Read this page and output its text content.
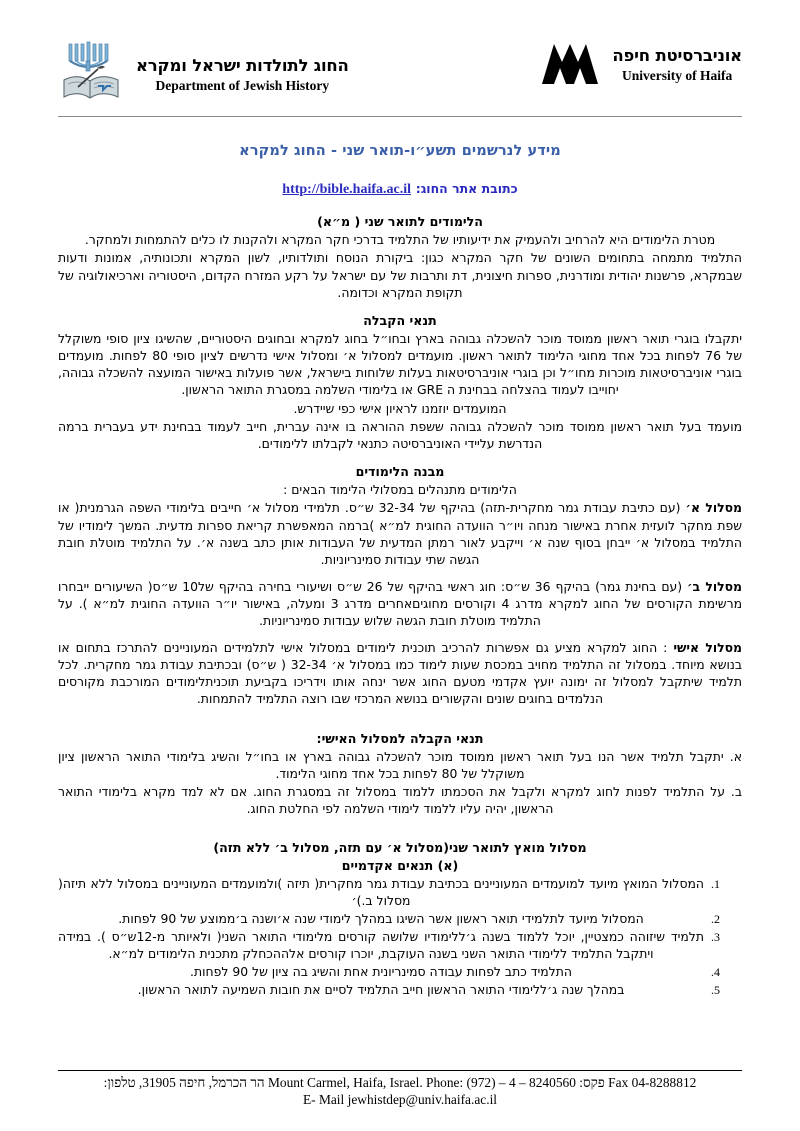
החוג לתולדות ישראל ומקרא
Department of Jewish History
אוניברסיטת חיפה
University of Haifa
מידע לנרשמים תשע״ו-תואר שני - החוג למקרא
כתובת אתר החוג: http://bible.haifa.ac.il
הלימודים לתואר שני ( מ״א)

מטרת הלימודים היא להרחיב ולהעמיק את ידיעותיו של התלמיד בדרכי חקר המקרא ולהקנות לו כלים להתמחות ולמחקר.

התלמיד מתמחה בתחומים השונים של חקר המקרא כגון: ביקורת הנוסח ותולדותיו, לשון המקרא ותכונותיה, אמונות ודעות שבמקרא, פרשנות יהודית ומודרנית, ספרות חיצונית, דת ותרבות של עם ישראל על רקע המזרח הקדום, היסטוריה וארכיאולוגיה של תקופת המקרא וכדומה.

תנאי הקבלה

יתקבלו בוגרי תואר ראשון ממוסד מוכר להשכלה גבוהה בארץ ובחו״ל בחוג למקרא ובחוגים היסטוריים, שהשיגו ציון סופי משוקלל של 76 לפחות בכל אחד מחוגי הלימוד לתואר ראשון. מועמדים למסלול א׳ ומסלול אישי נדרשים לציון סופי 80 לפחות. מועמדים בוגרי אוניברסיטאות מוכרות מחו״ל וכן בוגרי אוניברסיטאות בעלות שלוחות בישראל, אשר פועלות באישור המועצה להשכלה גבוהה, יחוייבו לעמוד בהצלחה בבחינת ה GRE או בלימודי השלמה במסגרת התואר הראשון.

המועמדים יוזמנו לראיון אישי כפי שיידרש.

מועמד בעל תואר ראשון ממוסד מוכר להשכלה גבוהה ששפת ההוראה בו אינה עברית, חייב לעמוד בבחינת ידע בעברית ברמה הנדרשת עליידי האוניברסיטה כתנאי לקבלתו ללימודים.

מבנה הלימודים

הלימודים מתנהלים במסלולי הלימוד הבאים :

מסלול א׳ (עם כתיבת עבודת גמר מחקרית-תזה) בהיקף של 32-34 ש״ס. תלמידי מסלול א׳ חייבים בלימודי השפה הגרמנית( או שפת מחקר לועזית אחרת באישור מנחה ויו״ר הוועדה החוגית למ״א )ברמה המאפשרת קריאת ספרות מדעית. המשך לימודיו של התלמיד במסלול א׳ ייבחן בסוף שנה א׳ וייקבע לאור רמתן המדעית של העבודות אותן כתב בשנה א׳. על התלמיד מוטלת חובת הגשה שתי עבודות סמינריוניות.

מסלול ב׳ (עם בחינת גמר) בהיקף 36 ש״ס: חוג ראשי בהיקף של 26 ש״ס ושיעורי בחירה בהיקף של10 ש״ס( השיעורים ייבחרו מרשימת הקורסים של החוג למקרא מדרג 4 וקורסים מחוגיםאחרים מדרג 3 ומעלה, באישור יו״ר הוועדה החוגית למ״א ). על התלמיד מוטלת חובת הגשה שלוש עבודות סמינריוניות.

מסלול אישי : החוג למקרא מציע גם אפשרות להרכיב תוכנית לימודים במסלול אישי לתלמידים המעוניינים להתרכז בתחום או בנושא מיוחד. במסלול זה התלמיד מחויב במכסת שעות לימוד כמו במסלול א׳ 32-34 ( ש״ס) ובכתיבת עבודת גמר מחקרית. לכל תלמיד שיתקבל למסלול זה ימונה יועץ אקדמי מטעם החוג אשר ינחה אותו וידריכו בקביעת תוכניתלימודים המורכבת מקורסים הנלמדים בחוגים שונים והקשורים בנושא המרכזי שבו רוצה התלמיד להתמחות.

תנאי הקבלה למסלול האישי:

א. יתקבל תלמיד אשר הנו בעל תואר ראשון ממוסד מוכר להשכלה גבוהה בארץ או בחו״ל והשיג בלימודי התואר הראשון ציון משוקלל של 80 לפחות בכל אחד מחוגי הלימוד.

ב. על התלמיד לפנות לחוג למקרא ולקבל את הסכמתו ללמוד במסלול זה במסגרת החוג. אם לא למד מקרא בלימודי התואר הראשון, יהיה עליו ללמוד לימודי השלמה לפי החלטת החוג.

מסלול מואץ לתואר שני(מסלול א׳ עם תזה, מסלול ב׳ ללא תזה)
(א) תנאים אקדמיים
1. המסלול המואץ מיועד למועמדים המעוניינים בכתיבת עבודת גמר מחקרית( תיזה )ולמועמדים המעוניינים במסלול ללא תיזה( מסלול ב.)׳
2. המסלול מיועד לתלמידי תואר ראשון אשר השיגו במהלך לימודי שנה א׳ושנה ב׳ממוצע של 90 לפחות.
3. תלמיד שיזוהה כמצטיין, יוכל ללמוד בשנה ג׳ללימודיו שלושה קורסים מלימודי התואר השני( ולאיותר מ-12ש״ס ). במידה ויתקבל התלמיד ללימודי התואר השני בשנה העוקבת, יוכרו קורסים אלההכחלק מתכנית הלימודים למ״א.
4. התלמיד כתב לפחות עבודה סמינריונית אחת והשיג בה ציון של 90 לפחות.
5. במהלך שנה ג׳ללימודי התואר הראשון חייב התלמיד לסיים את חובות השמיעה לתואר הראשון.
Fax 04-8288812 פקס: Mount Carmel, Haifa, Israel. Phone: (972) – 4 – 8240560 הר הכרמל, חיפה 31905, טלפון:
E- Mail jewhistdep@univ.haifa.ac.il
